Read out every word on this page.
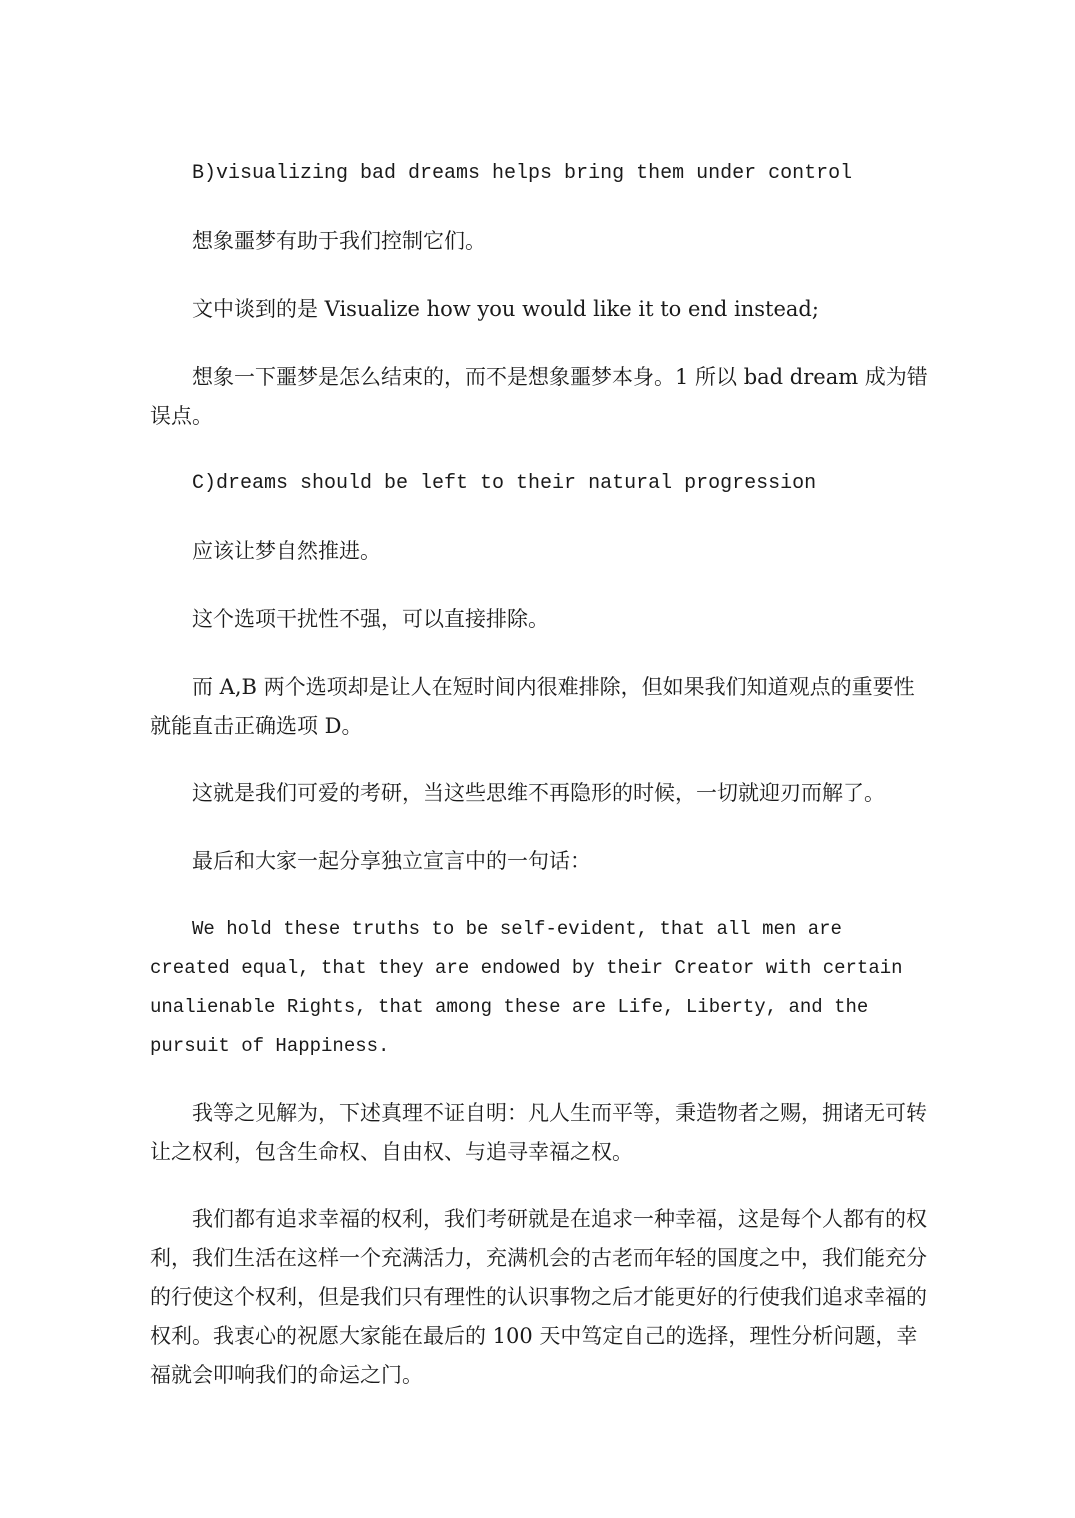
B)visualizing bad dreams helps bring them under control

想象噩梦有助于我们控制它们。

文中谈到的是 Visualize how you would like it to end instead;

想象一下噩梦是怎么结束的，而不是想象噩梦本身。1 所以 bad dream 成为错误点。

C)dreams should be left to their natural progression

应该让梦自然推进。

这个选项干扰性不强，可以直接排除。

而 A,B 两个选项却是让人在短时间内很难排除，但如果我们知道观点的重要性就能直击正确选项 D。

这就是我们可爱的考研，当这些思维不再隐形的时候，一切就迎刃而解了。

最后和大家一起分享独立宣言中的一句话：

We hold these truths to be self-evident, that all men are created equal, that they are endowed by their Creator with certain unalienable Rights, that among these are Life, Liberty, and the pursuit of Happiness.

我等之见解为，下述真理不证自明：凡人生而平等，秉造物者之赐，拥诸无可转让之权利，包含生命权、自由权、与追寻幸福之权。

我们都有追求幸福的权利，我们考研就是在追求一种幸福，这是每个人都有的权利，我们生活在这样一个充满活力，充满机会的古老而年轻的国度之中，我们能充分的行使这个权利，但是我们只有理性的认识事物之后才能更好的行使我们追求幸福的权利。我衷心的祝愿大家能在最后的 100 天中笃定自己的选择，理性分析问题，幸福就会叩响我们的命运之门。
